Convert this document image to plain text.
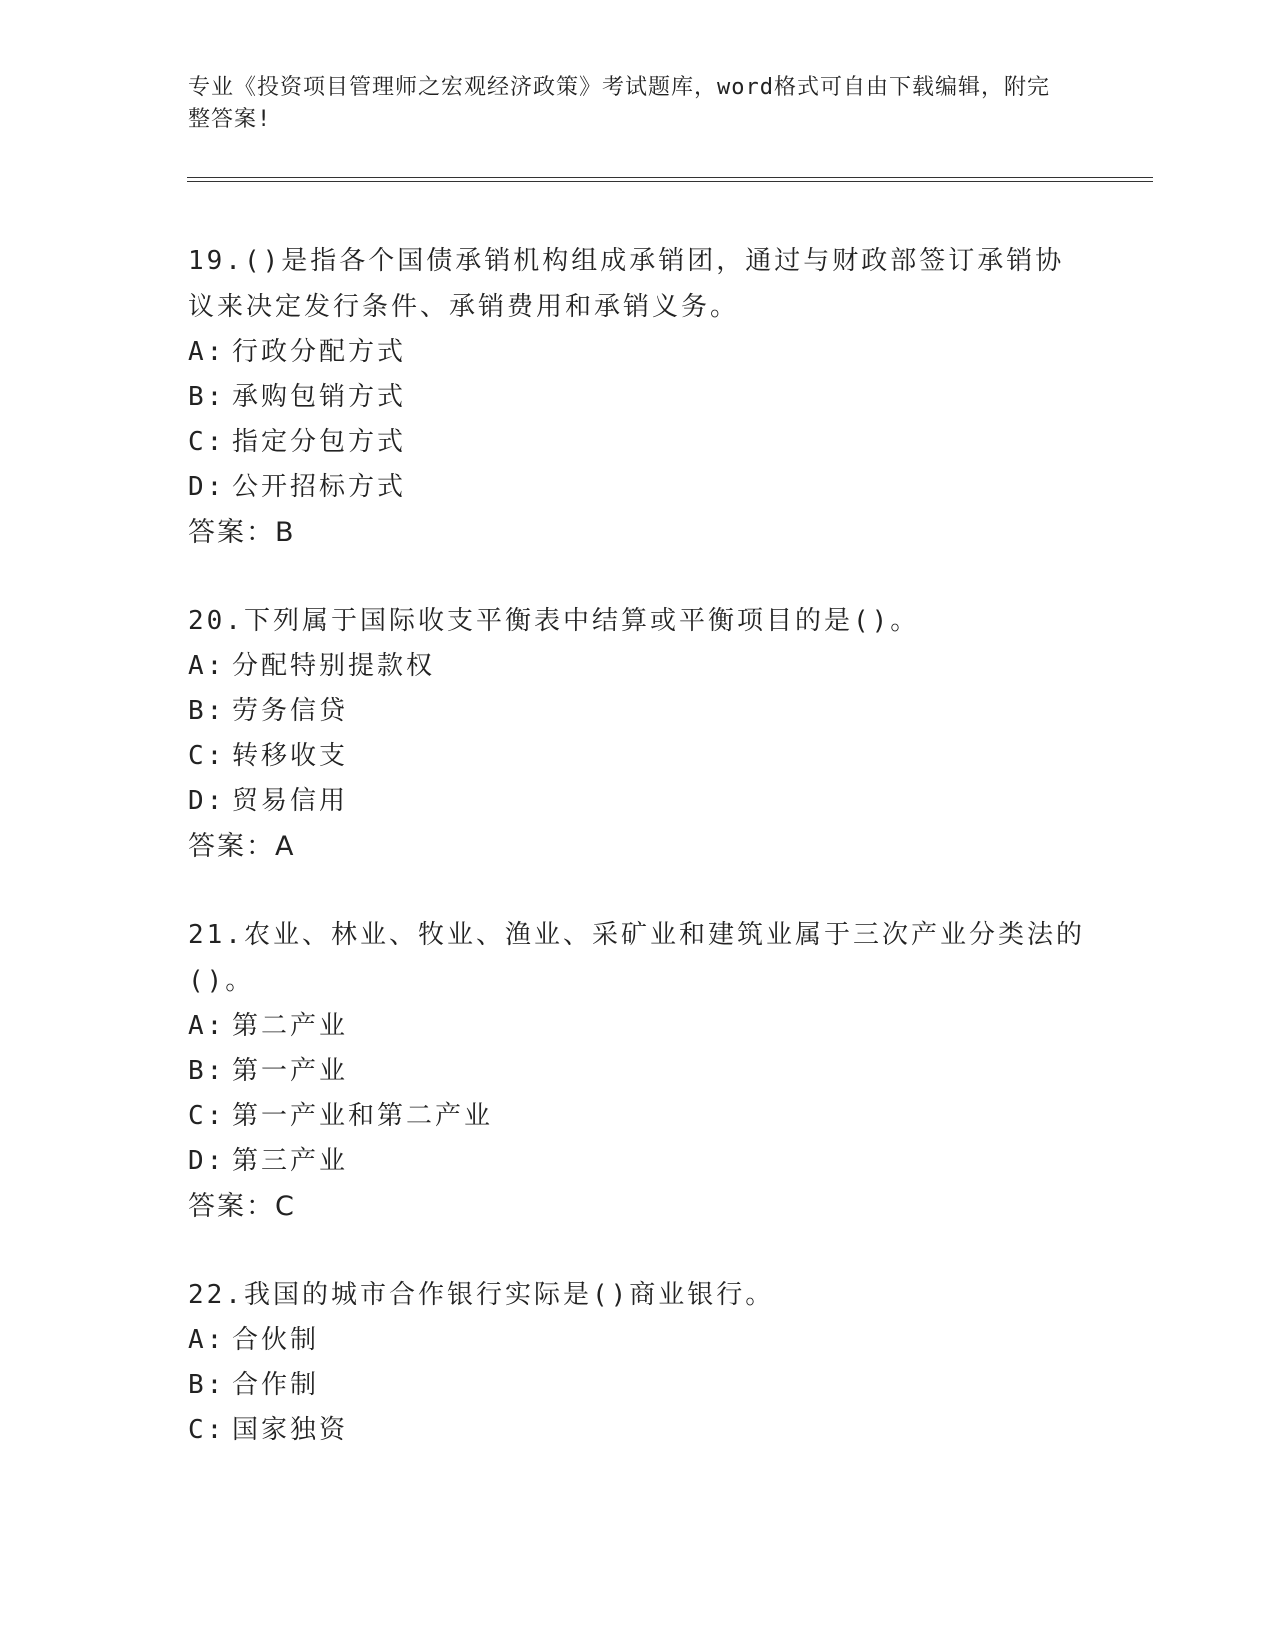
专业《投资项目管理师之宏观经济政策》考试题库，word格式可自由下载编辑，附完整答案!
19.()是指各个国债承销机构组成承销团，通过与财政部签订承销协议来决定发行条件、承销费用和承销义务。
A: 行政分配方式
B: 承购包销方式
C: 指定分包方式
D: 公开招标方式
答案：B
20.下列属于国际收支平衡表中结算或平衡项目的是()。
A: 分配特别提款权
B: 劳务信贷
C: 转移收支
D: 贸易信用
答案：A
21.农业、林业、牧业、渔业、采矿业和建筑业属于三次产业分类法的()。
A: 第二产业
B: 第一产业
C: 第一产业和第二产业
D: 第三产业
答案：C
22.我国的城市合作银行实际是()商业银行。
A: 合伙制
B: 合作制
C: 国家独资
